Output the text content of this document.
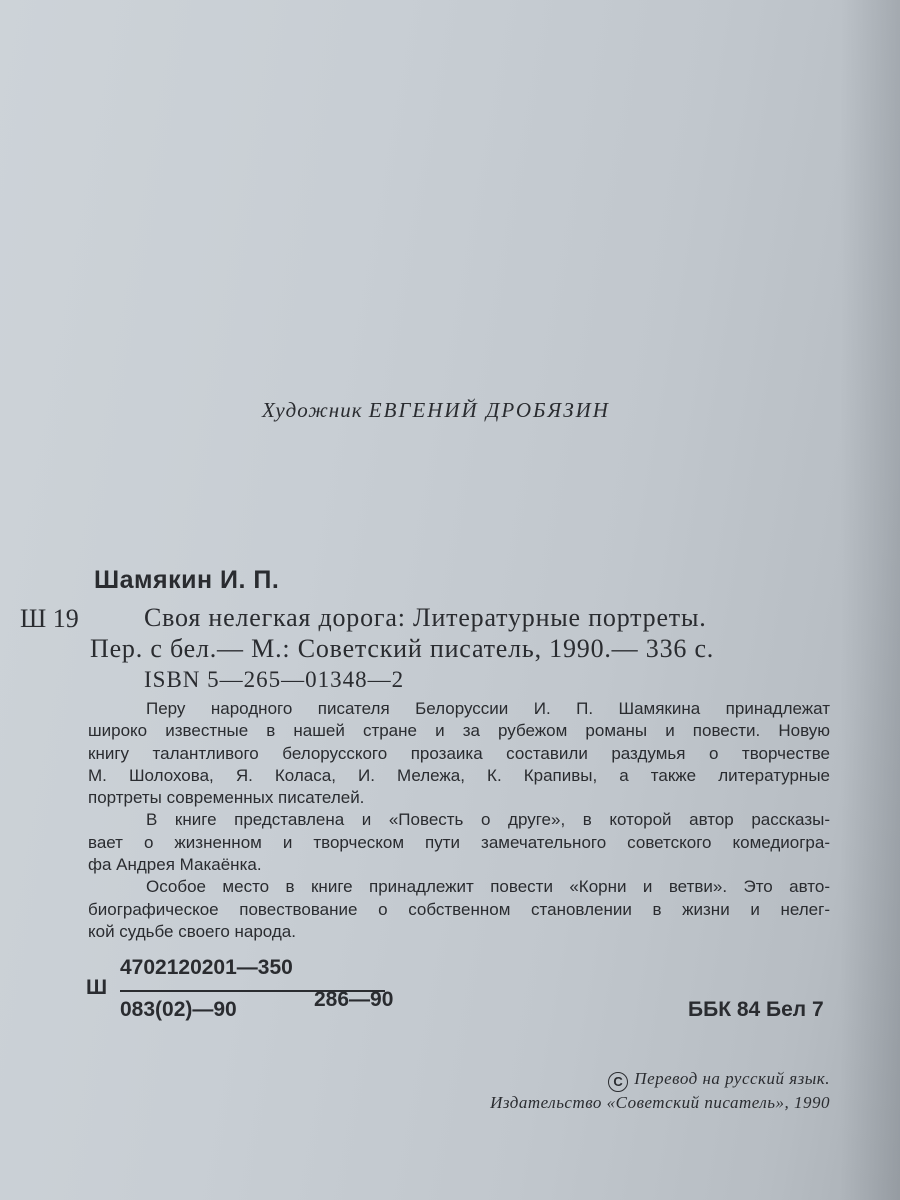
Художник ЕВГЕНИЙ ДРОБЯЗИН
Шамякин И. П.
Ш 19	Своя нелегкая дорога: Литературные портреты.
Пер. с бел.— М.: Советский писатель, 1990.— 336 с.
ISBN 5—265—01348—2

Перу народного писателя Белоруссии И. П. Шамякина принадлежат
широко известные в нашей стране и за рубежом романы и повести. Новую
книгу талантливого белорусского прозаика составили раздумья о творчестве
М. Шолохова, Я. Коласа, И. Мележа, К. Крапивы, а также литературные
портреты современных писателей.

В книге представлена и «Повесть о друге», в которой автор рассказы-
вает о жизненном и творческом пути замечательного советского комедиогра-
фа Андрея Макаёнка.

Особое место в книге принадлежит повести «Корни и ветви». Это авто-
биографическое повествование о собственном становлении в жизни и нелег-
кой судьбе своего народа.

Ш
4702120201—350
083(02)—90	286—90	ББК 84 Бел 7
C Перевод на русский язык.
Издательство «Советский писатель», 1990
